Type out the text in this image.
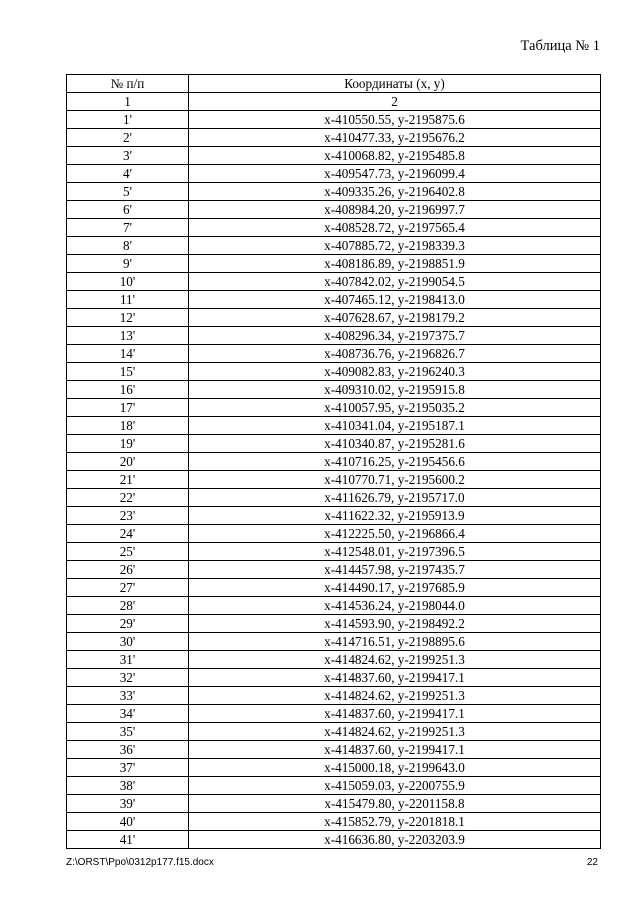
Таблица № 1
№ п/п	Координаты (x, y)
1	2
1'	x-410550.55, y-2195875.6
2'	x-410477.33, y-2195676.2
3'	x-410068.82, y-2195485.8
4'	x-409547.73, y-2196099.4
5'	x-409335.26, y-2196402.8
6'	x-408984.20, y-2196997.7
7'	x-408528.72, y-2197565.4
8'	x-407885.72, y-2198339.3
9'	x-408186.89, y-2198851.9
10'	x-407842.02, y-2199054.5
11'	x-407465.12, y-2198413.0
12'	x-407628.67, y-2198179.2
13'	x-408296.34, y-2197375.7
14'	x-408736.76, y-2196826.7
15'	x-409082.83, y-2196240.3
16'	x-409310.02, y-2195915.8
17'	x-410057.95, y-2195035.2
18'	x-410341.04, y-2195187.1
19'	x-410340.87, y-2195281.6
20'	x-410716.25, y-2195456.6
21'	x-410770.71, y-2195600.2
22'	x-411626.79, y-2195717.0
23'	x-411622.32, y-2195913.9
24'	x-412225.50, y-2196866.4
25'	x-412548.01, y-2197396.5
26'	x-414457.98, y-2197435.7
27'	x-414490.17, y-2197685.9
28'	x-414536.24, y-2198044.0
29'	x-414593.90, y-2198492.2
30'	x-414716.51, y-2198895.6
31'	x-414824.62, y-2199251.3
32'	x-414837.60, y-2199417.1
33'	x-414824.62, y-2199251.3
34'	x-414837.60, y-2199417.1
35'	x-414824.62, y-2199251.3
36'	x-414837.60, y-2199417.1
37'	x-415000.18, y-2199643.0
38'	x-415059.03, y-2200755.9
39'	x-415479.80, y-2201158.8
40'	x-415852.79, y-2201818.1
41'	x-416636.80, y-2203203.9
Z:\ORST\Ppo\0312p177.f15.docx	22
